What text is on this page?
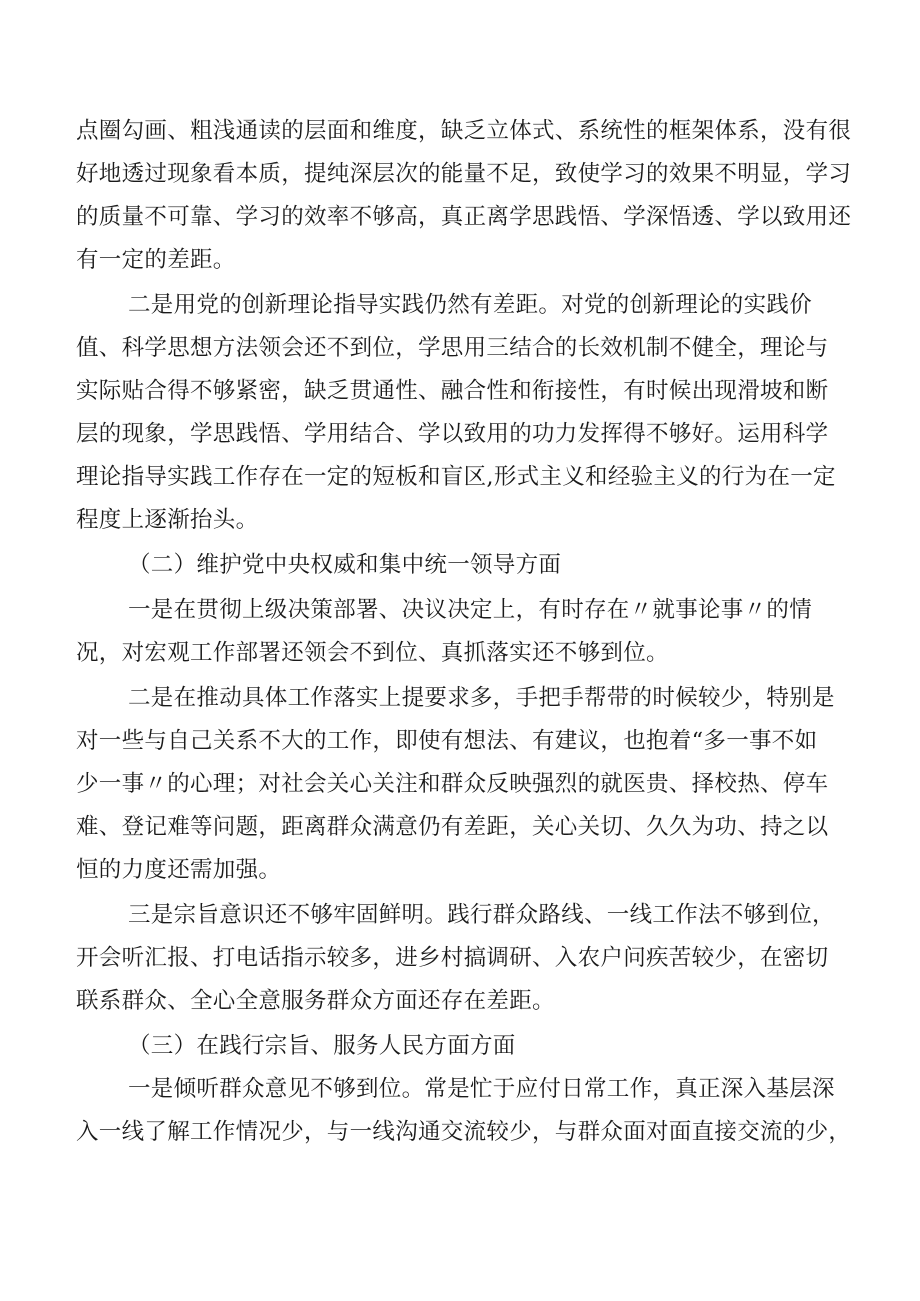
点圈勾画、粗浅通读的层面和维度，缺乏立体式、系统性的框架体系，没有很
好地透过现象看本质，提纯深层次的能量不足，致使学习的效果不明显，学习
的质量不可靠、学习的效率不够高，真正离学思践悟、学深悟透、学以致用还
有一定的差距。
二是用党的创新理论指导实践仍然有差距。对党的创新理论的实践价
值、科学思想方法领会还不到位，学思用三结合的长效机制不健全，理论与
实际贴合得不够紧密，缺乏贯通性、融合性和衔接性，有时候出现滑坡和断
层的现象，学思践悟、学用结合、学以致用的功力发挥得不够好。运用科学
理论指导实践工作存在一定的短板和盲区,形式主义和经验主义的行为在一定
程度上逐渐抬头。
（二）维护党中央权威和集中统一领导方面
一是在贯彻上级决策部署、决议决定上，有时存在〃就事论事〃的情
况，对宏观工作部署还领会不到位、真抓落实还不够到位。
二是在推动具体工作落实上提要求多，手把手帮带的时候较少，特别是
对一些与自己关系不大的工作，即使有想法、有建议，也抱着“多一事不如
少一事〃的心理；对社会关心关注和群众反映强烈的就医贵、择校热、停车
难、登记难等问题，距离群众满意仍有差距，关心关切、久久为功、持之以
恒的力度还需加强。
三是宗旨意识还不够牢固鲜明。践行群众路线、一线工作法不够到位，
开会听汇报、打电话指示较多，进乡村搞调研、入农户问疾苦较少，在密切
联系群众、全心全意服务群众方面还存在差距。
（三）在践行宗旨、服务人民方面方面
一是倾听群众意见不够到位。常是忙于应付日常工作，真正深入基层深
入一线了解工作情况少，与一线沟通交流较少，与群众面对面直接交流的少，
